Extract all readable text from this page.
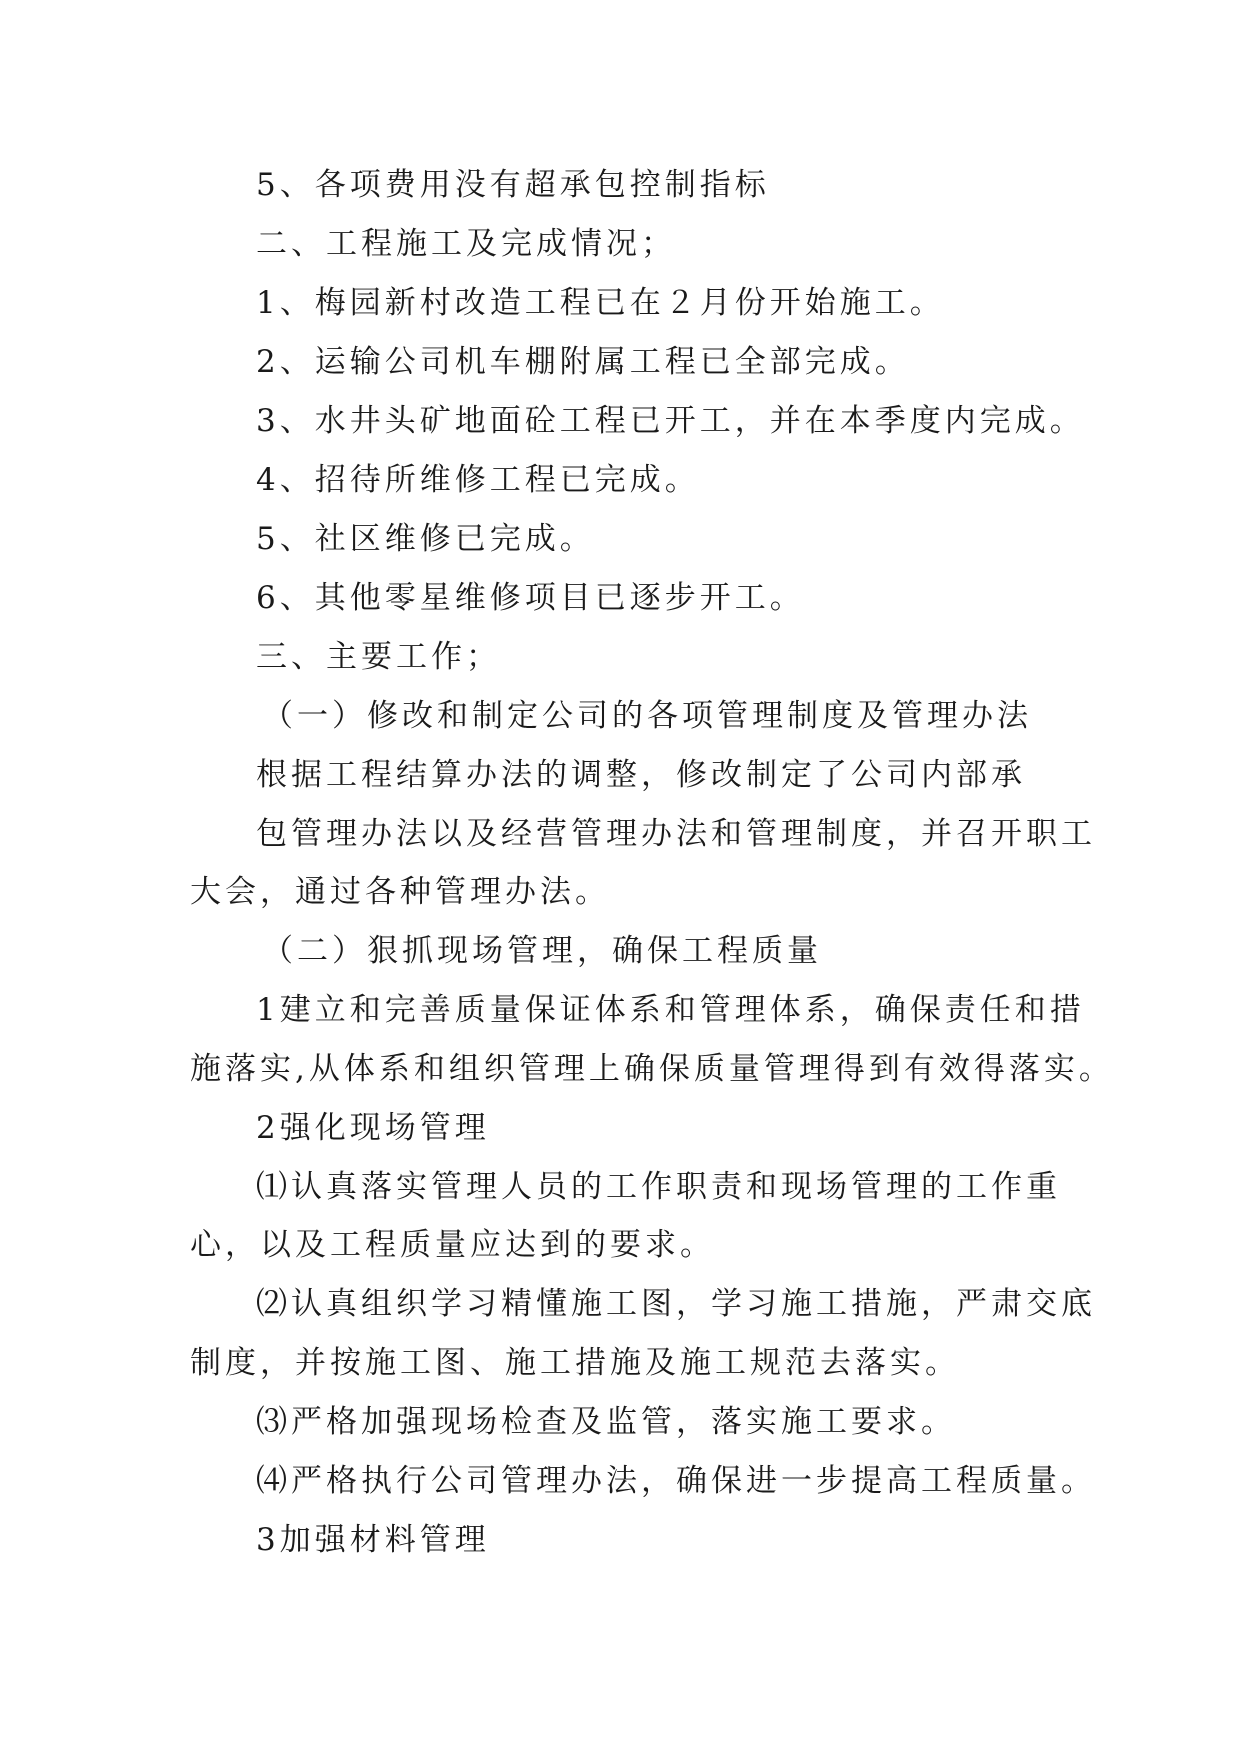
5、各项费用没有超承包控制指标
二、工程施工及完成情况；
1、梅园新村改造工程已在２月份开始施工。
2、运输公司机车棚附属工程已全部完成。
3、水井头矿地面砼工程已开工，并在本季度内完成。
4、招待所维修工程已完成。
5、社区维修已完成。
6、其他零星维修项目已逐步开工。
三、主要工作；
（一）修改和制定公司的各项管理制度及管理办法
根据工程结算办法的调整，修改制定了公司内部承
包管理办法以及经营管理办法和管理制度，并召开职工
大会，通过各种管理办法。
（二）狠抓现场管理，确保工程质量
1建立和完善质量保证体系和管理体系，确保责任和措
施落实,从体系和组织管理上确保质量管理得到有效得落实。
2强化现场管理
⑴认真落实管理人员的工作职责和现场管理的工作重
心，以及工程质量应达到的要求。
⑵认真组织学习精懂施工图，学习施工措施，严肃交底
制度，并按施工图、施工措施及施工规范去落实。
⑶严格加强现场检查及监管，落实施工要求。
⑷严格执行公司管理办法，确保进一步提高工程质量。
3加强材料管理
